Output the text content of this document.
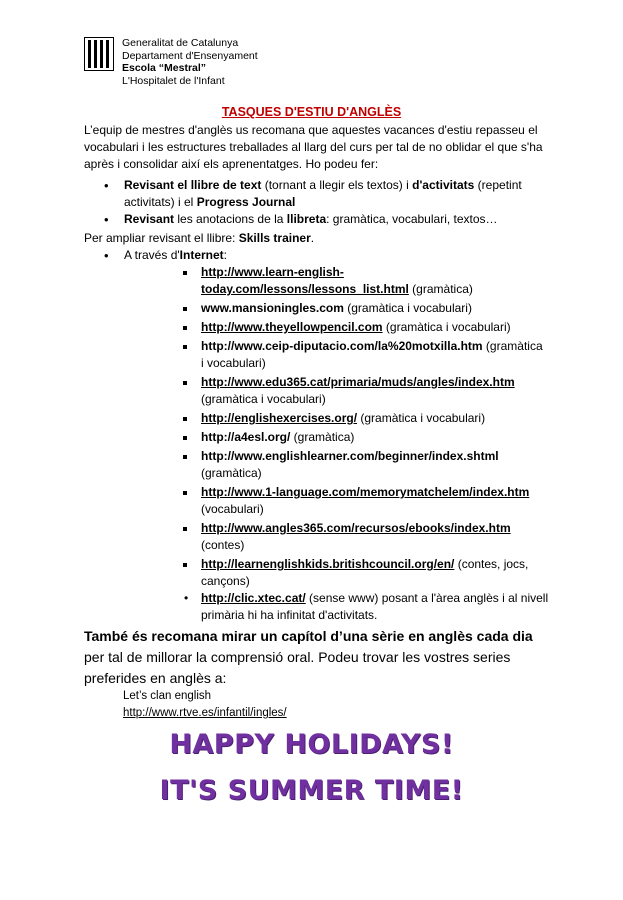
Generalitat de Catalunya
Departament d'Ensenyament
Escola “Mestral”
L'Hospitalet de l'Infant
TASQUES D'ESTIU D'ANGLÈS
L’equip de mestres d'anglès us recomana que aquestes vacances d'estiu repasseu el vocabulari i les estructures treballades al llarg del curs per tal de no oblidar el que s'ha après i consolidar així els aprenentatges. Ho podeu fer:
• Revisant el llibre de text (tornant a llegir els textos) i d'activitats (repetint activitats) i el Progress Journal
• Revisant les anotacions de la llibreta: gramàtica, vocabulari, textos…
Per ampliar revisant el llibre: Skills trainer.
• A través d'Internet:
http://www.learn-english-today.com/lessons/lessons_list.html (gramàtica)
www.mansioningles.com (gramàtica i vocabulari)
http://www.theyellowpencil.com (gramàtica i vocabulari)
http://www.ceip-diputacio.com/la%20motxilla.htm (gramàtica i vocabulari)
http://www.edu365.cat/primaria/muds/angles/index.htm (gramàtica i vocabulari)
http://englishexercises.org/ (gramàtica i vocabulari)
http://a4esl.org/ (gramàtica)
http://www.englishlearner.com/beginner/index.shtml (gramàtica)
http://www.1-language.com/memorymatchelem/index.htm (vocabulari)
http://www.angles365.com/recursos/ebooks/index.htm (contes)
http://learnenglishkids.britishcouncil.org/en/ (contes, jocs, cançons)
• http://clic.xtec.cat/ (sense www) posant a l'àrea anglès i al nivell primària hi ha infinitat d'activitats.
També és recomana mirar un capítol d’una sèrie en anglès cada dia per tal de millorar la comprensió oral. Podeu trovar les vostres series preferides en anglès a:
Let’s clan english
http://www.rtve.es/infantil/ingles/
HAPPY HOLIDAYS!
IT'S SUMMER TIME!
